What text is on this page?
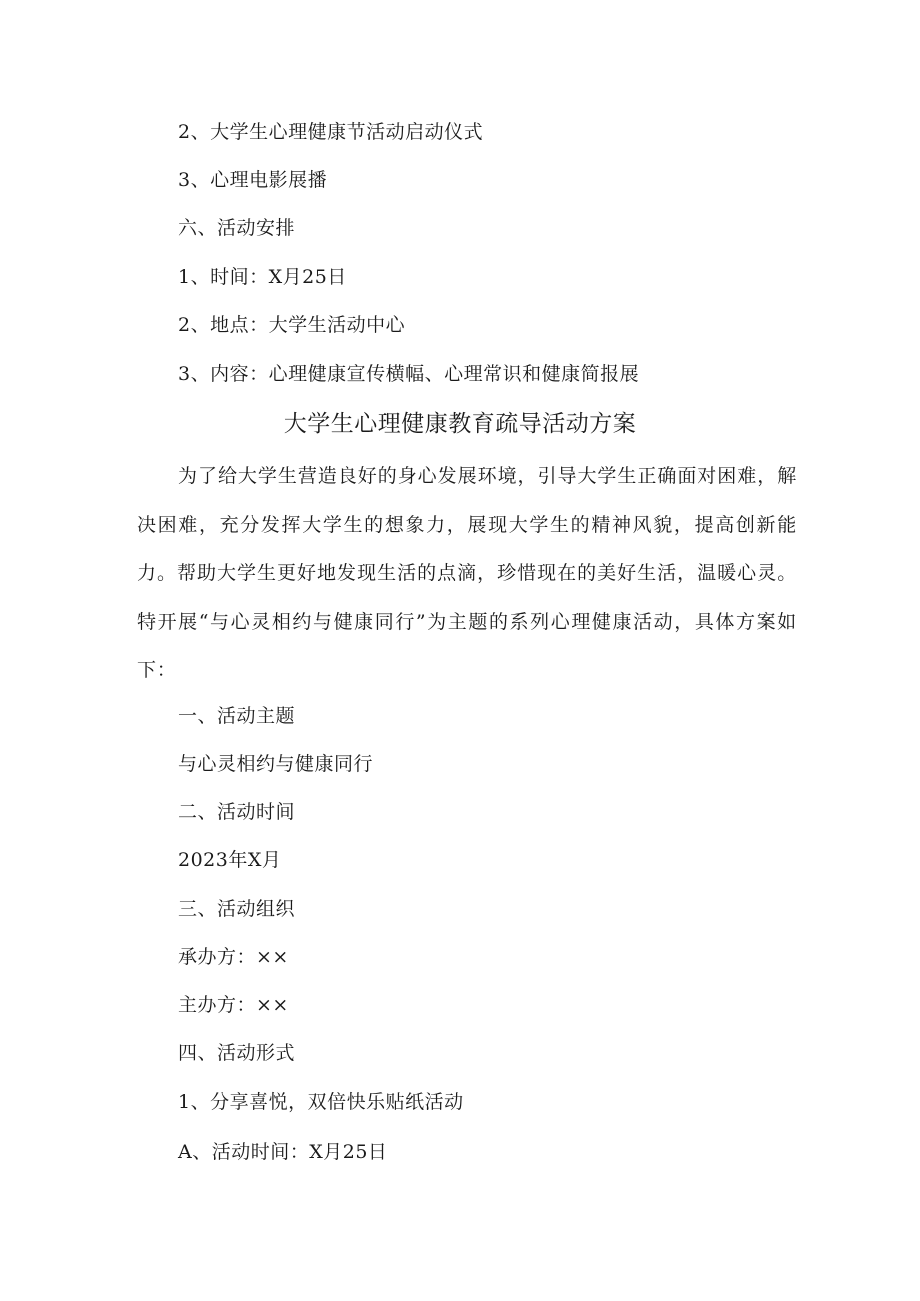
2、大学生心理健康节活动启动仪式
3、心理电影展播
六、活动安排
1、时间：X月25日
2、地点：大学生活动中心
3、内容：心理健康宣传横幅、心理常识和健康简报展
大学生心理健康教育疏导活动方案

为了给大学生营造良好的身心发展环境，引导大学生正确面对困难，解决困难，充分发挥大学生的想象力，展现大学生的精神风貌，提高创新能力。帮助大学生更好地发现生活的点滴，珍惜现在的美好生活，温暖心灵。特开展“与心灵相约与健康同行”为主题的系列心理健康活动，具体方案如下：

一、活动主题
与心灵相约与健康同行
二、活动时间
2023年X月
三、活动组织
承办方：××
主办方：××
四、活动形式
1、分享喜悦，双倍快乐贴纸活动
A、活动时间：X月25日
